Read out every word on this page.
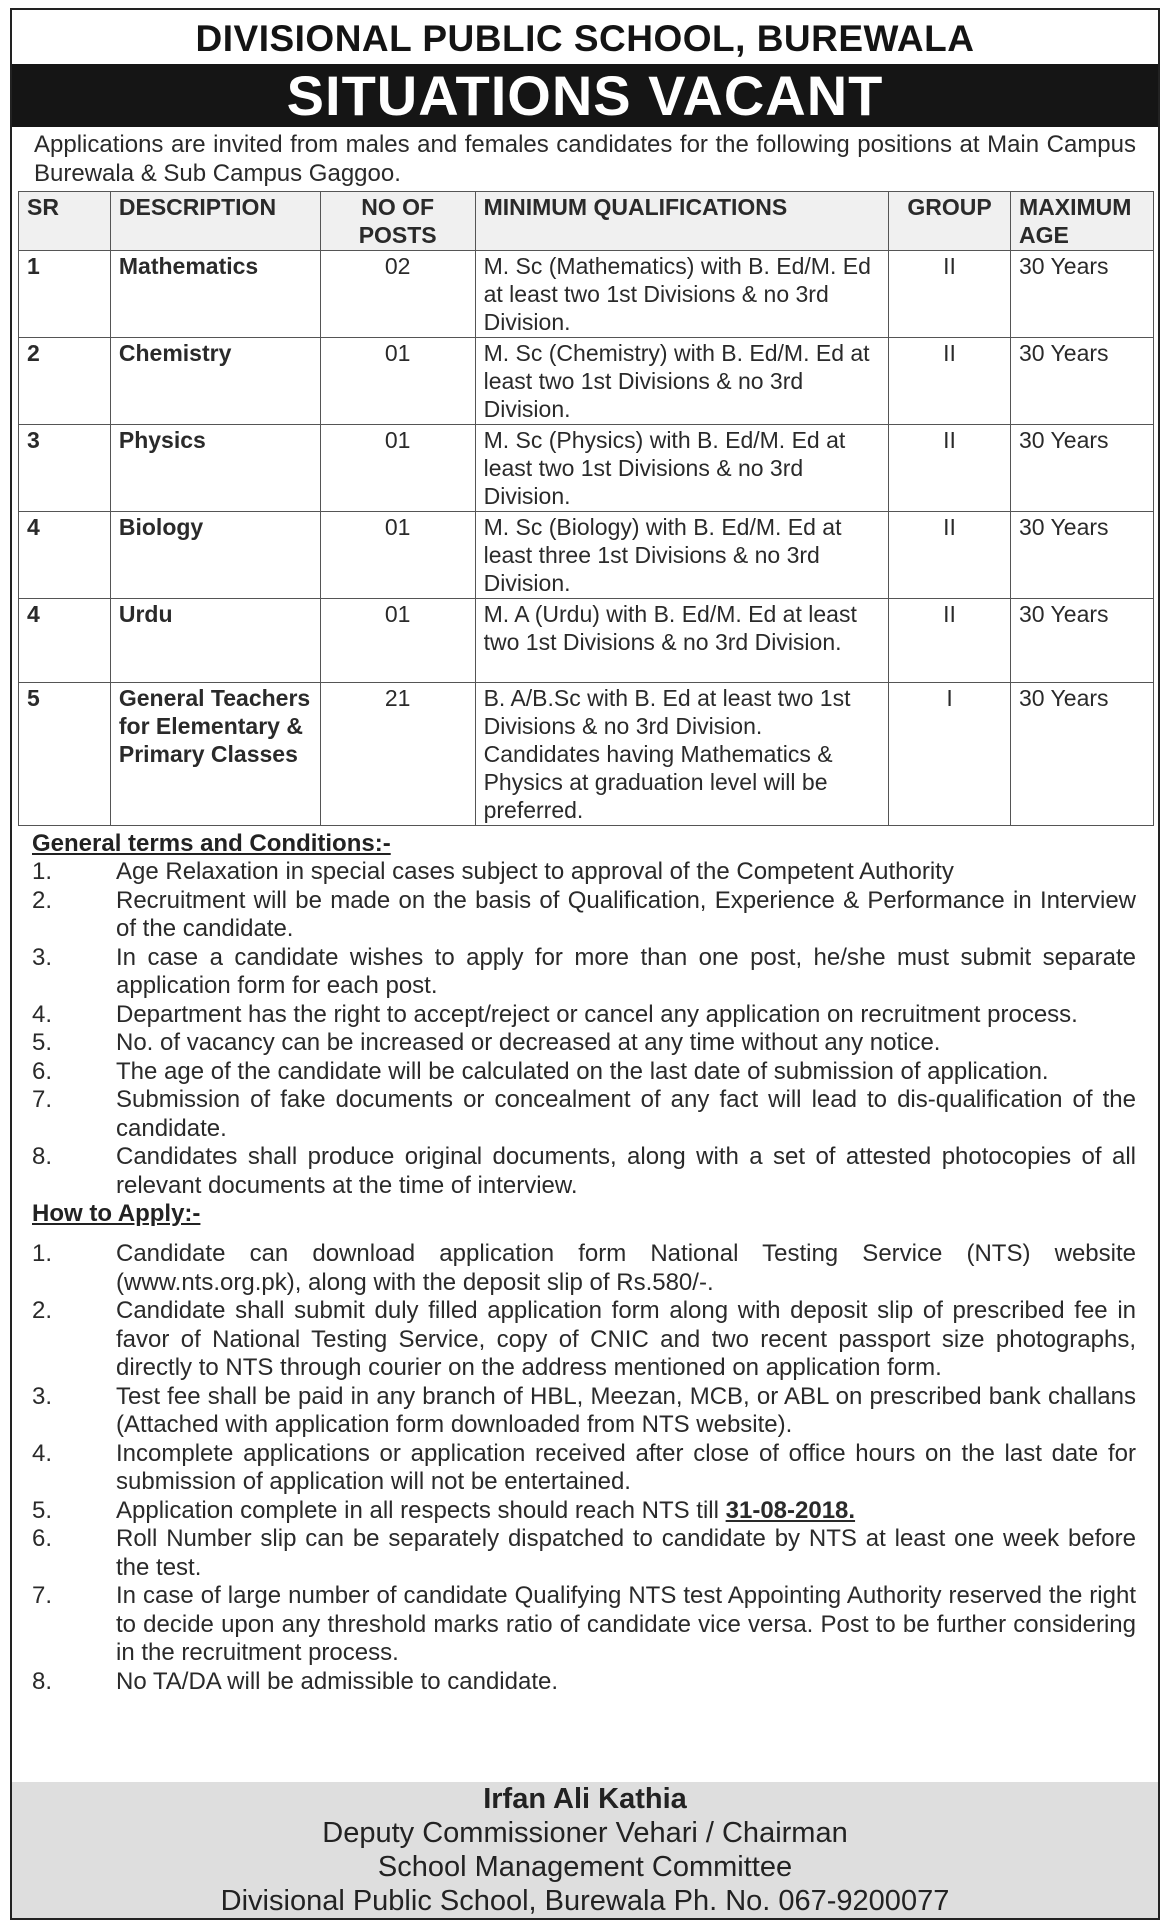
DIVISIONAL PUBLIC SCHOOL, BUREWALA
SITUATIONS VACANT
Applications are invited from males and females candidates for the following positions at Main Campus Burewala & Sub Campus Gaggoo.
SR	DESCRIPTION	NO OF POSTS	MINIMUM QUALIFICATIONS	GROUP	MAXIMUM AGE
1	Mathematics	02	M. Sc (Mathematics) with B. Ed/M. Ed at least two 1st Divisions & no 3rd Division.	II	30 Years
2	Chemistry	01	M. Sc (Chemistry) with B. Ed/M. Ed at least two 1st Divisions & no 3rd Division.	II	30 Years
3	Physics	01	M. Sc (Physics) with B. Ed/M. Ed at least two 1st Divisions & no 3rd Division.	II	30 Years
4	Biology	01	M. Sc (Biology) with B. Ed/M. Ed at least three 1st Divisions & no 3rd Division.	II	30 Years
4	Urdu	01	M. A (Urdu) with B. Ed/M. Ed at least two 1st Divisions & no 3rd Division.	II	30 Years
5	General Teachers for Elementary & Primary Classes	21	B. A/B.Sc with B. Ed at least two 1st Divisions & no 3rd Division. Candidates having Mathematics & Physics at graduation level will be preferred.	I	30 Years
General terms and Conditions:-
1.	Age Relaxation in special cases subject to approval of the Competent Authority
2.	Recruitment will be made on the basis of Qualification, Experience & Performance in Interview of the candidate.
3.	In case a candidate wishes to apply for more than one post, he/she must submit separate application form for each post.
4.	Department has the right to accept/reject or cancel any application on recruitment process.
5.	No. of vacancy can be increased or decreased at any time without any notice.
6.	The age of the candidate will be calculated on the last date of submission of application.
7.	Submission of fake documents or concealment of any fact will lead to dis-qualification of the candidate.
8.	Candidates shall produce original documents, along with a set of attested photocopies of all relevant documents at the time of interview.
How to Apply:-
1.	Candidate can download application form National Testing Service (NTS) website (www.nts.org.pk), along with the deposit slip of Rs.580/-.
2.	Candidate shall submit duly filled application form along with deposit slip of prescribed fee in favor of National Testing Service, copy of CNIC and two recent passport size photographs, directly to NTS through courier on the address mentioned on application form.
3.	Test fee shall be paid in any branch of HBL, Meezan, MCB, or ABL on prescribed bank challans (Attached with application form downloaded from NTS website).
4.	Incomplete applications or application received after close of office hours on the last date for submission of application will not be entertained.
5.	Application complete in all respects should reach NTS till 31-08-2018.
6.	Roll Number slip can be separately dispatched to candidate by NTS at least one week before the test.
7.	In case of large number of candidate Qualifying NTS test Appointing Authority reserved the right to decide upon any threshold marks ratio of candidate vice versa. Post to be further considering in the recruitment process.
8.	No TA/DA will be admissible to candidate.
Irfan Ali Kathia
Deputy Commissioner Vehari / Chairman
School Management Committee
Divisional Public School, Burewala Ph. No. 067-9200077
